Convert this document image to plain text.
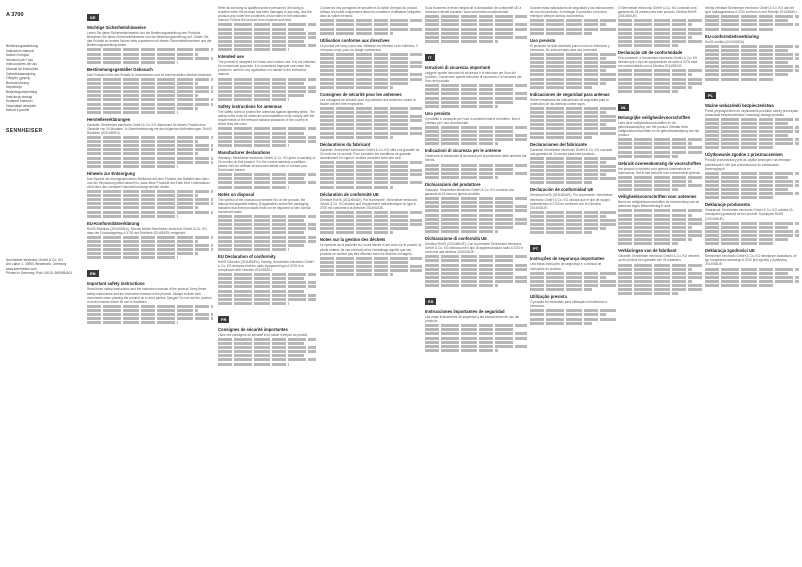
A 3700
Bedienungsanleitung
Instruction manual
Notice d'emploi
Istruzioni per l'uso
Instrucciones de uso
Manual de instruções
Gebruiksaanwijzing
Οδηγίες χρήσης
Bruksanvisning
Käyttöohje
Betjeningsvejledning
Instrukcja obsługi
Kullanım kılavuzu
Használati útmutató
Návod k použití
SENNHEISER
Sennheiser electronic GmbH & Co. KG
Am Labor 1, 30900 Wedemark, Germany
www.sennheiser.com
Printed in Germany, Publ. 06/15, 560995/A01
DE
Wichtige Sicherheitshinweise

Lesen Sie diese Sicherheitshinweise und die Bedienungsanleitung des Produkts. Bewahren Sie diese Sicherheitshinweise und die Bedienungsanleitung auf. Geben Sie das Produkt an andere Nutzer stets zusammen mit diesen Sicherheitshinweisen und der Bedienungsanleitung weiter.

Bestimmungsgemäßer Gebrauch

Das Produkt ist für den Einsatz in Innenräumen und im kommerziellen Bereich bestimmt.

Herstellererklärungen

Garantie: Sennheiser electronic GmbH & Co. KG übernimmt für dieses Produkt eine Garantie von 24 Monaten. In Übereinstimmung mit den folgenden Anforderungen: RoHS-Richtlinie (2011/65/EU).

Hinweis zur Entsorgung

Das Symbol der durchgestrichenen Mülltonne auf dem Produkt, der Batterie/dem Akku und der Verpackung weist darauf hin, dass diese Produkte am Ende ihrer Lebensdauer nicht über den normalen Hausmüll entsorgt werden dürfen.

EU-Konformitätserklärung

RoHS-Richtlinie (2011/65/EU). Hiermit erklärt Sennheiser electronic GmbH & Co. KG, dass der Funkanlagentyp A 3700 der Richtlinie 2014/53/EU entspricht.

EN
Important safety instructions

Read these safety instructions and the instruction manual of the product. Keep these safety instructions and the instruction manual of the product. Always include both documents when passing the product on to third parties. Danger! Do not use the product in environments where its use is forbidden.

Refer all servicing to qualified service personnel. Servicing is required when the product has been damaged in any way. Use the product only under the conditions of use listed in the instruction manual. Protect the product from moisture and heat.

Intended use

The product is designed for indoor and outdoor use. It is not intended for commercial purposes. It is considered improper use when this product is used for any application not named in the instruction manual.

Safety instructions for antennas

The safety notes to protect the antennas against lightning strike. The safety notes must be observed and installation must comply with the requirements of the relevant national standards of the country in which they are used.

Manufacturer declarations

Warranty: Sennheiser electronic GmbH & Co. KG gives a warranty of 24 months on this product. For the current warranty conditions, please visit our website at www.sennheiser.com or contact your Sennheiser partner.

Notes on disposal

The symbol of the crossed-out wheelie bin on the product, the battery/rechargeable battery (if applicable) and/or the packaging indicates that these products must not be disposed of with normal household waste.

EU Declaration of conformity

RoHS Directive (2011/65/EU). Hereby, Sennheiser electronic GmbH & Co. KG declares that the radio equipment type A 3700 is in compliance with Directive 2014/53/EU.

FR
Consignes de sécurité importantes

Lisez ces consignes de sécurité et la notice d'emploi du produit.

Conservez ces consignes de sécurité et la notice d'emploi du produit. Utilisez le produit uniquement dans les conditions d'utilisation indiquées dans la notice d'emploi.

Utilisation conforme aux directives

Le produit est conçu pour une utilisation en intérieur et en extérieur. Il n'est pas conçu pour un usage commercial.

Consignes de sécurité pour les antennes

Les consignes de sécurité pour la protection des antennes contre la foudre doivent être respectées.

Déclarations du fabricant

Garantie: Sennheiser electronic GmbH & Co. KG offre une garantie de 24 mois sur ce produit. Pour connaître les conditions de garantie actuellement en vigueur, veuillez consulter notre site web.

Déclaration de conformité UE

Directive RoHS (2011/65/UE). Par la présente, Sennheiser electronic GmbH & Co. KG déclare que l'équipement radioélectrique du type A 3700 est conforme à la directive 2014/53/UE.

Notes sur la gestion des déchets

Le symbole de la poubelle sur roues barrée d'une croix sur le produit, la pile/la batterie (le cas échéant) et/ou l'emballage signifie que ces produits ne doivent pas être éliminés avec les déchets ménagers.

Vous trouverez le texte intégral de la déclaration de conformité UE à l'adresse internet suivante: www.sennheiser.com/download.

IT
Istruzioni di sicurezza importanti

Leggere queste istruzioni di sicurezza e le istruzioni per l'uso del prodotto. Conservare queste istruzioni di sicurezza e le istruzioni per l'uso del prodotto.

Uso previsto

Il prodotto è concepito per l'uso in ambienti interni ed esterni. Non è previsto per l'uso commerciale.

Indicazioni di sicurezza per le antenne

Osservare le indicazioni di sicurezza per la protezione delle antenne dai fulmini.

Dichiarazioni del produttore

Garanzia: Sennheiser electronic GmbH & Co. KG concede una garanzia di 24 mesi su questo prodotto.

Dichiarazione di conformità UE

Direttiva RoHS (2011/65/UE). Con la presente Sennheiser electronic GmbH & Co. KG dichiara che il tipo di apparecchiatura radio A 3700 è conforme alla direttiva 2014/53/UE.

ES
Instrucciones importantes de seguridad

Lea estas indicaciones de seguridad y las instrucciones de uso del producto.

Guarde estas indicaciones de seguridad y las instrucciones de uso del producto. Al entregar el producto a terceros, entregue siempre ambos documentos.

Uso previsto

El producto ha sido diseñado para su uso en interiores y exteriores. No está previsto para uso comercial.

Indicaciones de seguridad para antenas

Deben respetarse las indicaciones de seguridad para la protección de las antenas contra rayos.

Declaraciones del fabricante

Garantía: Sennheiser electronic GmbH & Co. KG concede una garantía de 24 meses para este producto.

Declaración de conformidad UE

Directiva RoHS (2011/65/UE). Por la presente, Sennheiser electronic GmbH & Co. KG declara que el tipo de equipo radioeléctrico A 3700 es conforme con la Directiva 2014/53/UE.

PT
Instruções de segurança importantes

Leia estas instruções de segurança e o manual de instruções do produto.

Utilização prevista

O produto foi concebido para utilização em interiores e exteriores.

O Sennheiser electronic GmbH & Co. KG concede uma garantia de 24 meses para este produto. Diretiva RoHS (2011/65/UE).

Declaração UE de conformidade

Pelo presente, a Sennheiser electronic GmbH & Co. KG declara que o tipo de equipamento de rádio A 3700 está em conformidade com a Diretiva 2014/53/UE.

NL
Belangrijke veiligheidsvoorschriften

Lees deze veiligheidsvoorschriften en de gebruiksaanwijzing van het product. Bewaar deze veiligheidsvoorschriften en de gebruiksaanwijzing van het product.

Gebruik overeenkomstig de voorschriften

Het product is bedoeld voor gebruik binnenshuis en buitenshuis. Het is niet bedoeld voor commercieel gebruik.

Veiligheidsvoorschriften voor antennes

Neem de veiligheidsvoorschriften ter bescherming van de antennes tegen blikseminslag in acht.

Verklaringen van de fabrikant

Garantie: Sennheiser electronic GmbH & Co. KG verleent op dit product een garantie van 24 maanden.

Hierbij verklaart Sennheiser electronic GmbH & Co. KG dat het type radioapparatuur A 3700 conform is met Richtlijn 2014/53/EU.

EU-conformiteitsverklaring

RoHS-richtlijn (2011/65/EU).

PL
Ważne wskazówki bezpieczeństwa

Przed przystąpieniem do użytkowania produktu należy przeczytać wskazówki bezpieczeństwa i instrukcję obsługi produktu.

Użytkowanie zgodne z przeznaczeniem

Produkt przeznaczony jest do użytku wewnątrz i na zewnątrz pomieszczeń. Nie jest przeznaczony do zastosowań komercyjnych.

Deklaracje producenta

Gwarancja: Sennheiser electronic GmbH & Co. KG udziela 24-miesięcznej gwarancji na ten produkt. Dyrektywa RoHS (2011/65/UE).

Deklaracja zgodności UE

Sennheiser electronic GmbH & Co. KG niniejszym oświadcza, że typ urządzenia radiowego A 3700 jest zgodny z dyrektywą 2014/53/UE.
